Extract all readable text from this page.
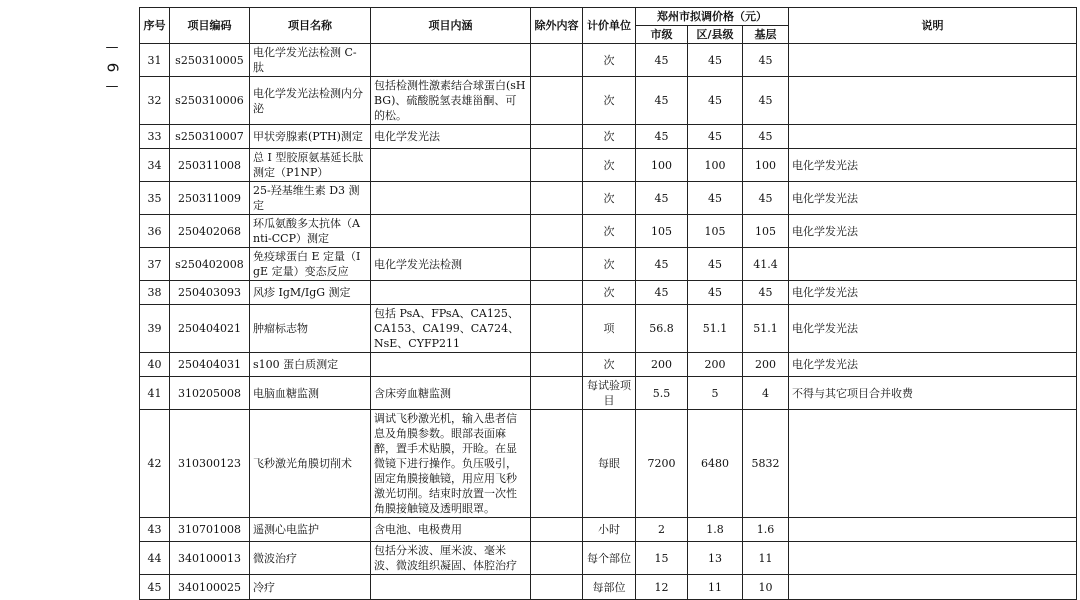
—
6
—
序号	项目编码	项目名称	项目内涵	除外内容	计价单位	郑州市拟调价格（元）			说明
						市级	区/县级	基层	
31	s250310005	电化学发光法检测 C-肽			次	45	45	45	
32	s250310006	电化学发光法检测内分泌	包括检测性激素结合球蛋白(sHBG)、硫酸脱氢表雄甾酮、可的松。		次	45	45	45	
33	s250310007	甲状旁腺素(PTH)测定	电化学发光法		次	45	45	45	
34	250311008	总 I 型胶原氨基延长肽测定（P1NP）			次	100	100	100	电化学发光法
35	250311009	25-羟基维生素 D3 测定			次	45	45	45	电化学发光法
36	250402068	环瓜氨酸多太抗体（Anti-CCP）测定			次	105	105	105	电化学发光法
37	s250402008	免疫球蛋白 E 定量（IgE 定量）变态反应	电化学发光法检测		次	45	45	41.4	
38	250403093	风疹 IgM/IgG 测定			次	45	45	45	电化学发光法
39	250404021	肿瘤标志物	包括 PsA、FPsA、CA125、CA153、CA199、CA724、NsE、CYFP211		项	56.8	51.1	51.1	电化学发光法
40	250404031	s100 蛋白质测定			次	200	200	200	电化学发光法
41	310205008	电脑血糖监测	含床旁血糖监测		每试验项目	5.5	5	4	不得与其它项目合并收费
42	310300123	飞秒激光角膜切削术	调试飞秒激光机，输入患者信息及角膜参数。眼部表面麻醉，置手术贴膜，开睑。在显微镜下进行操作。负压吸引，固定角膜接触镜，用应用飞秒激光切削。结束时放置一次性角膜接触镜及透明眼罩。		每眼	7200	6480	5832	
43	310701008	遥测心电监护	含电池、电极费用		小时	2	1.8	1.6	
44	340100013	微波治疗	包括分米波、厘米波、毫米波、微波组织凝固、体腔治疗		每个部位	15	13	11	
45	340100025	冷疗			每部位	12	11	10	
